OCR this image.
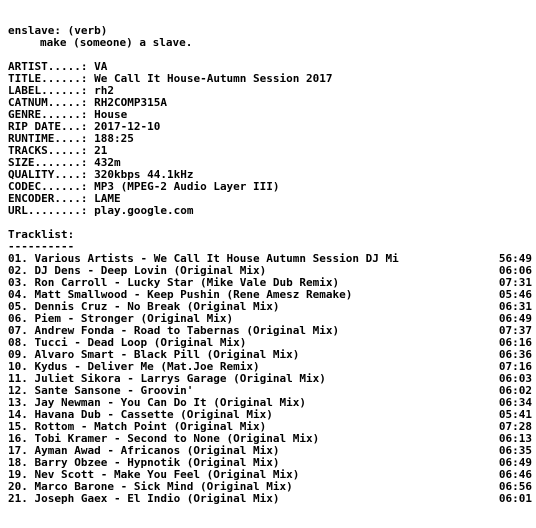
enslave: (verb)
make (someone) a slave.
ARTIST.....: VA
TITLE......: We Call It House-Autumn Session 2017
LABEL......: rh2
CATNUM.....: RH2COMP315A
GENRE......: House
RIP DATE...: 2017-12-10
RUNTIME....: 188:25
TRACKS.....: 21
SIZE.......: 432m
QUALITY....: 320kbps 44.1kHz
CODEC......: MP3 (MPEG-2 Audio Layer III)
ENCODER....: LAME
URL........: play.google.com
Tracklist:
----------
01. Various Artists - We Call It House Autumn Session DJ Mi	56:49
02. DJ Dens - Deep Lovin (Original Mix)	06:06
03. Ron Carroll - Lucky Star (Mike Vale Dub Remix)	07:31
04. Matt Smallwood - Keep Pushin (Rene Amesz Remake)	05:46
05. Dennis Cruz - No Break (Original Mix)	06:31
06. Piem - Stronger (Original Mix)	06:49
07. Andrew Fonda - Road to Tabernas (Original Mix)	07:37
08. Tucci - Dead Loop (Original Mix)	06:16
09. Alvaro Smart - Black Pill (Original Mix)	06:36
10. Kydus - Deliver Me (Mat.Joe Remix)	07:16
11. Juliet Sikora - Larrys Garage (Original Mix)	06:03
12. Sante Sansone - Groovin'	06:02
13. Jay Newman - You Can Do It (Original Mix)	06:34
14. Havana Dub - Cassette (Original Mix)	05:41
15. Rottom - Match Point (Original Mix)	07:28
16. Tobi Kramer - Second to None (Original Mix)	06:13
17. Ayman Awad - Africanos (Original Mix)	06:35
18. Barry Obzee - Hypnotik (Original Mix)	06:49
19. Nev Scott - Make You Feel (Original Mix)	06:46
20. Marco Barone - Sick Mind (Original Mix)	06:56
21. Joseph Gaex - El Indio (Original Mix)	06:01
